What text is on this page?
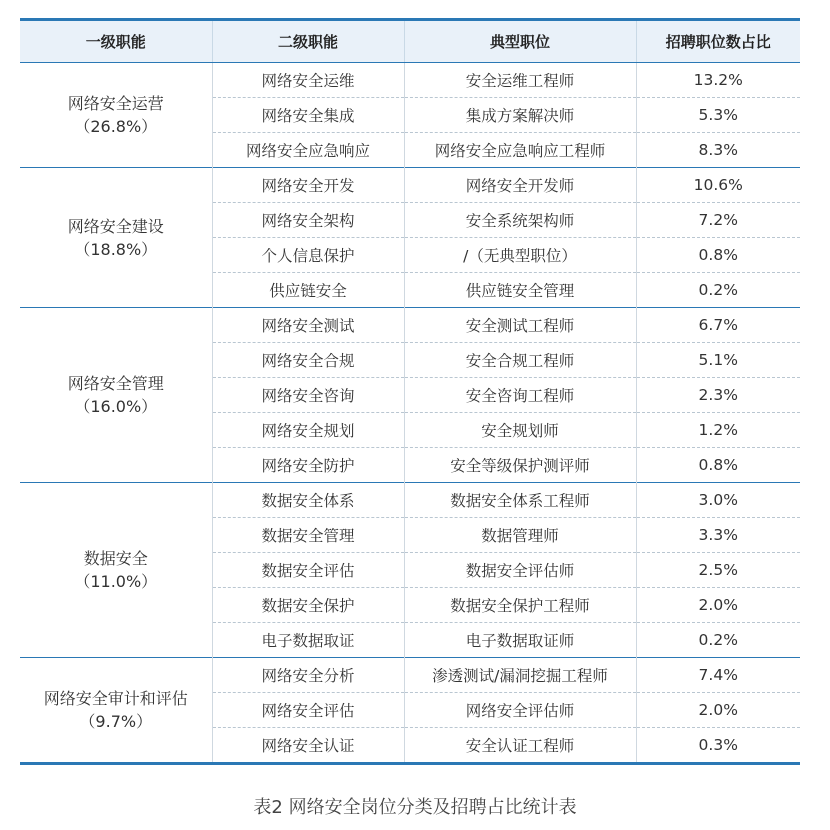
一级职能	二级职能	典型职位	招聘职位数占比

网络安全运营
（26.8%）	网络安全运维	安全运维工程师	13.2%
	网络安全集成	集成方案解决师	5.3%
	网络安全应急响应	网络安全应急响应工程师	8.3%

网络安全建设
（18.8%）	网络安全开发	网络安全开发师	10.6%
	网络安全架构	安全系统架构师	7.2%
	个人信息保护	/（无典型职位）	0.8%
	供应链安全	供应链安全管理	0.2%

网络安全管理
（16.0%）	网络安全测试	安全测试工程师	6.7%
	网络安全合规	安全合规工程师	5.1%
	网络安全咨询	安全咨询工程师	2.3%
	网络安全规划	安全规划师	1.2%
	网络安全防护	安全等级保护测评师	0.8%

数据安全
（11.0%）	数据安全体系	数据安全体系工程师	3.0%
	数据安全管理	数据管理师	3.3%
	数据安全评估	数据安全评估师	2.5%
	数据安全保护	数据安全保护工程师	2.0%
	电子数据取证	电子数据取证师	0.2%

网络安全审计和评估
（9.7%）	网络安全分析	渗透测试/漏洞挖掘工程师	7.4%
	网络安全评估	网络安全评估师	2.0%
	网络安全认证	安全认证工程师	0.3%
表2 网络安全岗位分类及招聘占比统计表
